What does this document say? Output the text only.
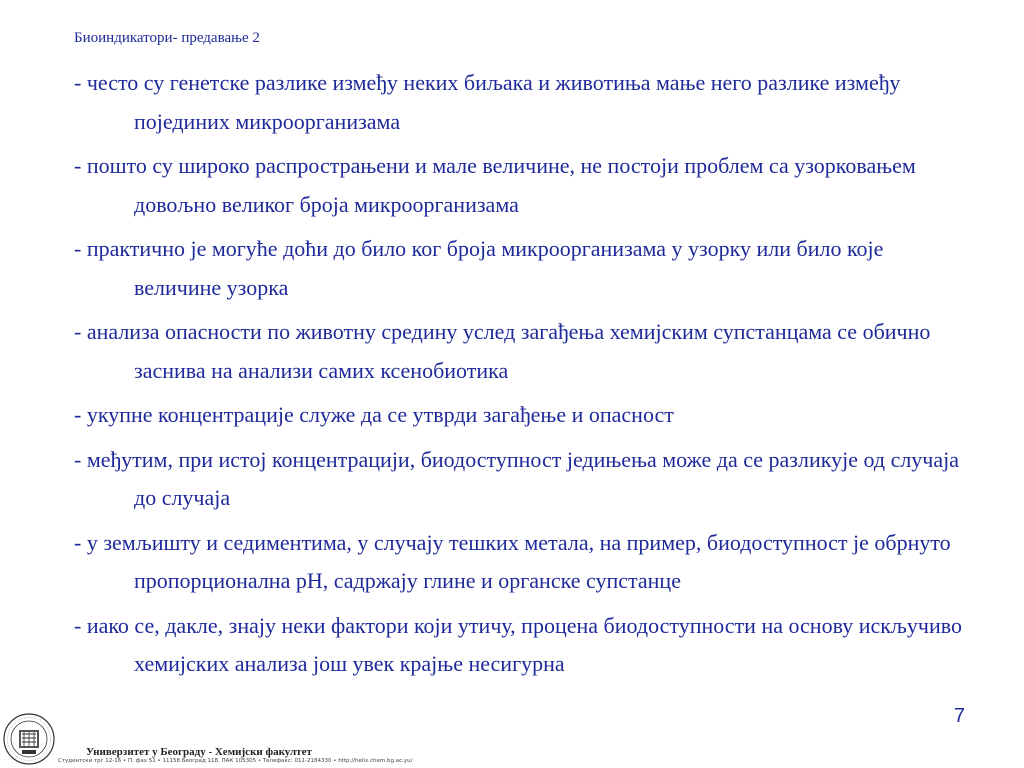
Биоиндикатори- предавање 2

- често су генетске разлике између неких биљака и животиња мање него разлике између појединих микроорганизама

- пошто су широко распрострањени и мале величине, не постоји проблем са узорковањем довољно великог броја микроорганизама

- практично је могуће доћи до било ког броја микроорганизама у узорку или било које величине узорка

- анализа опасности по животну средину услед загађења хемијским супстанцама се обично заснива на анализи самих ксенобиотика

- укупне концентрације служе да се утврди загађење и опасност

- међутим, при истој концентрацији, биодоступност једињења може да се разликује од случаја до случаја

- у земљишту и седиментима, у случају тешких метала, на пример, биодоступност је обрнуто пропорционална pH, садржају глине и органске супстанце

- иако се, дакле, знају неки фактори који утичу, процена биодоступности на основу искључиво хемијских анализа још увек крајње несигурна

7
Универзитет у Београду - Хемијски факултет
Студентски трг 12-16 • П. фах 51 • 11158 Београд 118, ПАК 105305 • Телефакс: 011-2184330 • http://helix.chem.bg.ac.yu/
